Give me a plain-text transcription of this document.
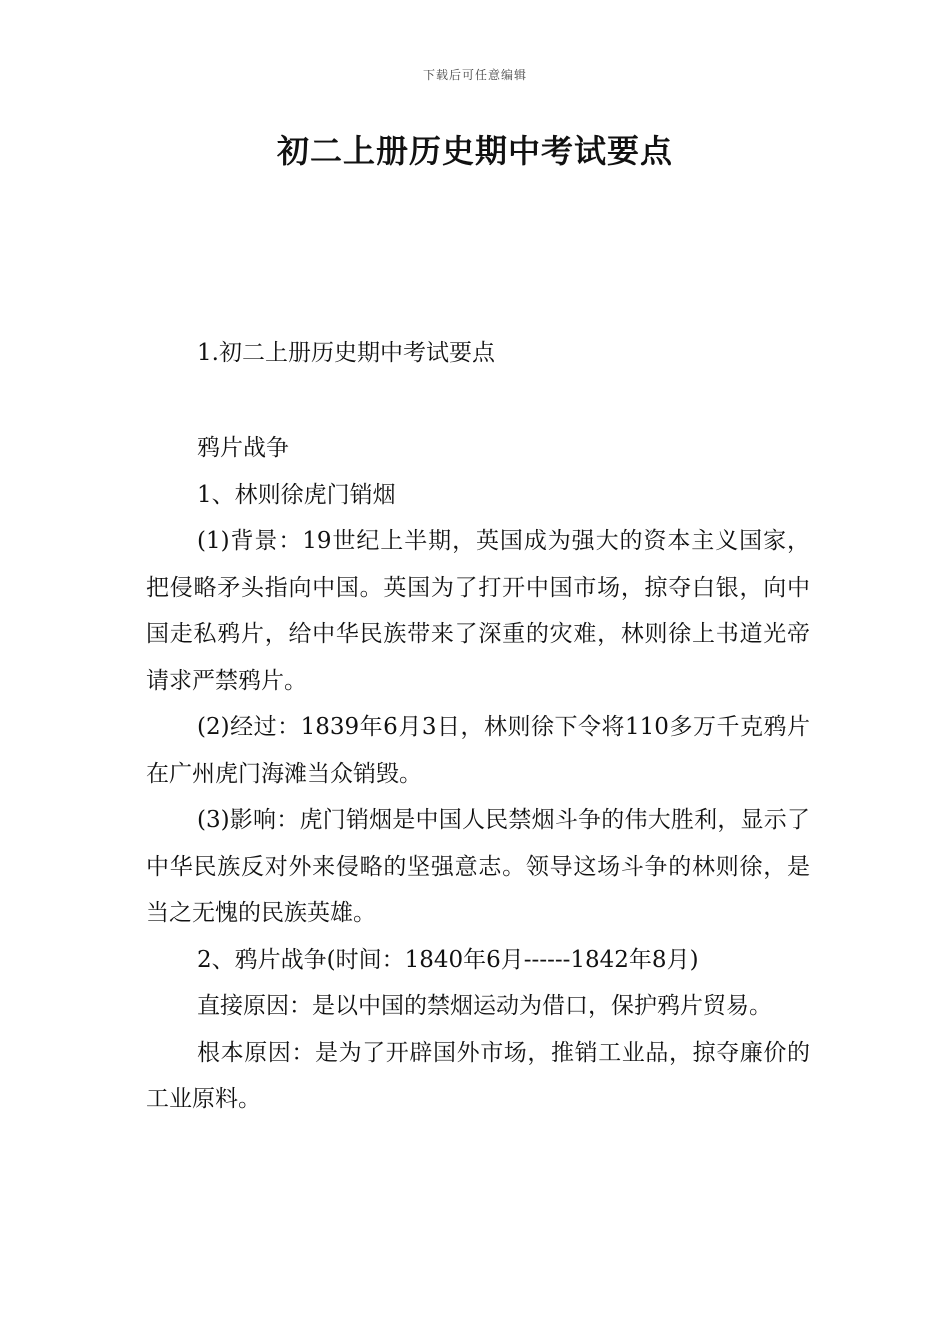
下载后可任意编辑
初二上册历史期中考试要点

1.初二上册历史期中考试要点

鸦片战争

1、林则徐虎门销烟

(1)背景：19世纪上半期，英国成为强大的资本主义国家，把侵略矛头指向中国。英国为了打开中国市场，掠夺白银，向中国走私鸦片，给中华民族带来了深重的灾难，林则徐上书道光帝请求严禁鸦片。

(2)经过：1839年6月3日，林则徐下令将110多万千克鸦片在广州虎门海滩当众销毁。

(3)影响：虎门销烟是中国人民禁烟斗争的伟大胜利，显示了中华民族反对外来侵略的坚强意志。领导这场斗争的林则徐，是当之无愧的民族英雄。

2、鸦片战争(时间：1840年6月------1842年8月)

直接原因：是以中国的禁烟运动为借口，保护鸦片贸易。

根本原因：是为了开辟国外市场，推销工业品，掠夺廉价的工业原料。
